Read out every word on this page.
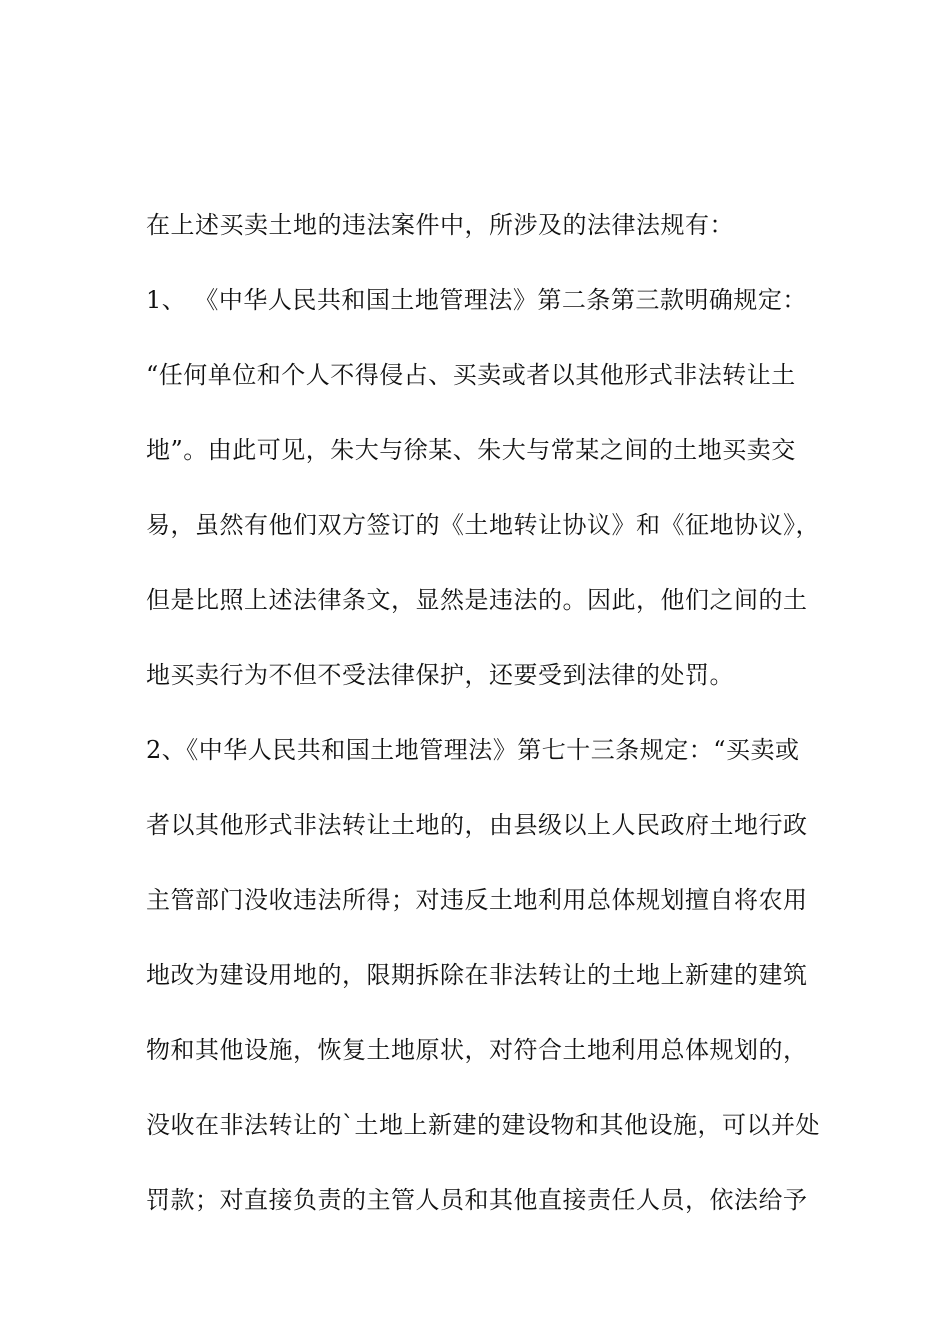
在上述买卖土地的违法案件中，所涉及的法律法规有：
1、 《中华人民共和国土地管理法》第二条第三款明确规定：
“任何单位和个人不得侵占、买卖或者以其他形式非法转让土
地”。由此可见，朱大与徐某、朱大与常某之间的土地买卖交
易，虽然有他们双方签订的《土地转让协议》和《征地协议》，
但是比照上述法律条文，显然是违法的。因此，他们之间的土
地买卖行为不但不受法律保护，还要受到法律的处罚。
2、《中华人民共和国土地管理法》第七十三条规定：“买卖或
者以其他形式非法转让土地的，由县级以上人民政府土地行政
主管部门没收违法所得；对违反土地利用总体规划擅自将农用
地改为建设用地的，限期拆除在非法转让的土地上新建的建筑
物和其他设施，恢复土地原状，对符合土地利用总体规划的，
没收在非法转让的`土地上新建的建设物和其他设施，可以并处
罚款；对直接负责的主管人员和其他直接责任人员，依法给予
